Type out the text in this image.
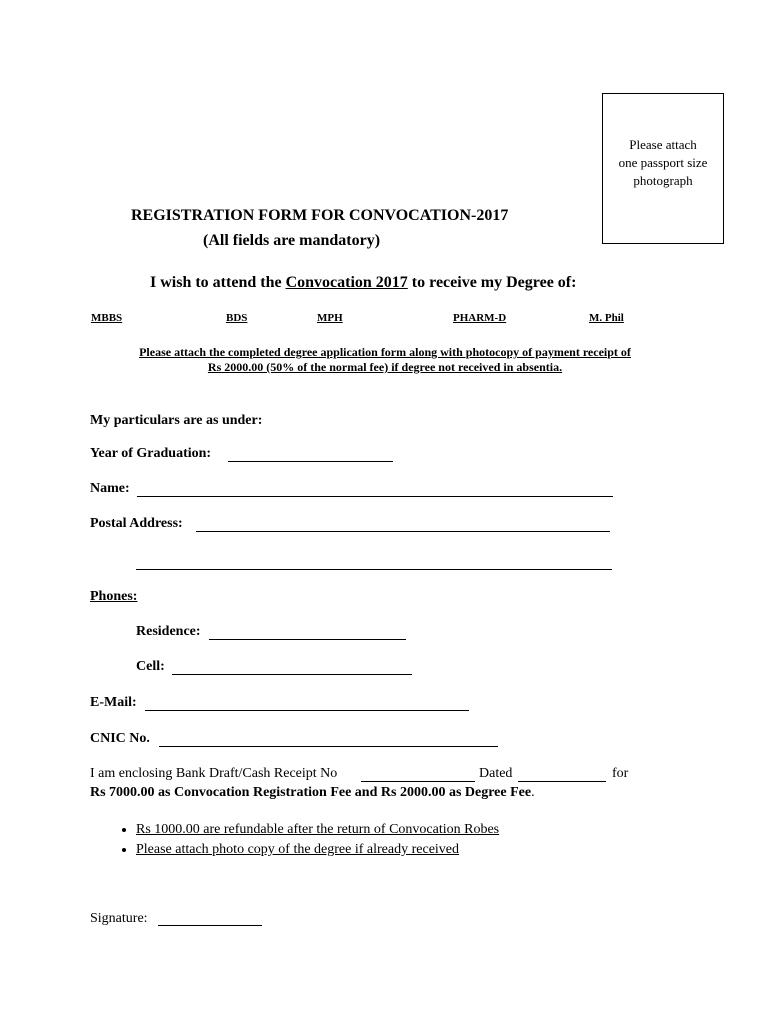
Please attach
one passport size
photograph
REGISTRATION FORM FOR CONVOCATION-2017
(All fields are mandatory)
I wish to attend the Convocation 2017 to receive my Degree of:
MBBS	BDS	MPH	PHARM-D	M. Phil
Please attach the completed degree application form along with photocopy of payment receipt of
Rs 2000.00 (50% of the normal fee) if degree not received in absentia.
My particulars are as under:
Year of Graduation:
Name:
Postal Address:
Phones:
Residence:
Cell:
E-Mail:
CNIC No.
I am enclosing Bank Draft/Cash Receipt No	Dated	for
Rs 7000.00 as Convocation Registration Fee and Rs 2000.00 as Degree Fee.
• Rs 1000.00 are refundable after the return of Convocation Robes
• Please attach photo copy of the degree if already received
Signature:
